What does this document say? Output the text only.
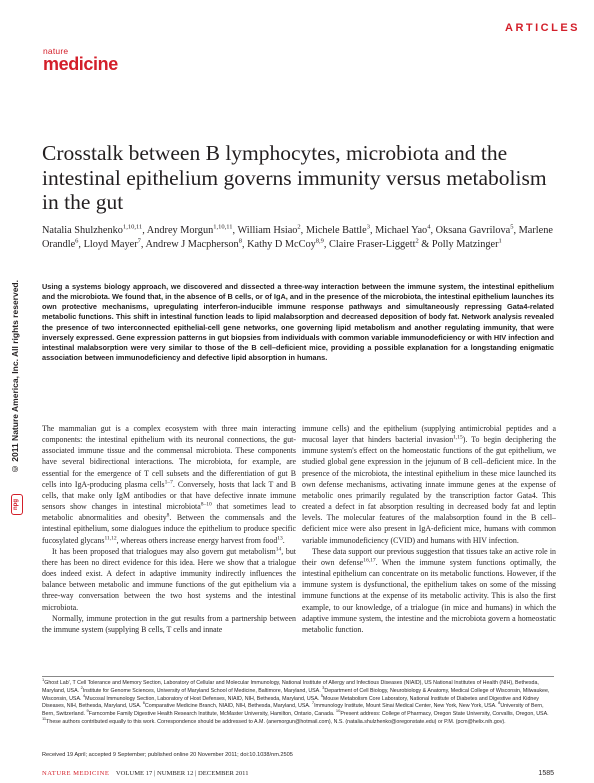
ARTICLES
nature
medicine
Crosstalk between B lymphocytes, microbiota and the intestinal epithelium governs immunity versus metabolism in the gut
Natalia Shulzhenko$^{1,10,11}$, Andrey Morgun$^{1,10,11}$, William Hsiao$^2$, Michele Battle$^3$, Michael Yao$^4$, Oksana Gavrilova$^5$, Marlene Orandle$^6$, Lloyd Mayer$^7$, Andrew J Macpherson$^8$, Kathy D McCoy$^{8,9}$, Claire Fraser-Liggett$^2$ & Polly Matzinger$^1$
© 2011 Nature America, Inc. All rights reserved.
npg
Using a systems biology approach, we discovered and dissected a three-way interaction between the immune system, the intestinal epithelium and the microbiota. We found that, in the absence of B cells, or of IgA, and in the presence of the microbiota, the intestinal epithelium launches its own protective mechanisms, upregulating interferon-inducible immune response pathways and simultaneously repressing Gata4-related metabolic functions. This shift in intestinal function leads to lipid malabsorption and decreased deposition of body fat. Network analysis revealed the presence of two interconnected epithelial-cell gene networks, one governing lipid metabolism and another regulating immunity, that were inversely expressed. Gene expression patterns in gut biopsies from individuals with common variable immunodeficiency or with HIV infection and intestinal malabsorption were very similar to those of the B cell–deficient mice, providing a possible explanation for a longstanding enigmatic association between immunodeficiency and defective lipid absorption in humans.

The mammalian gut is a complex ecosystem with three main interacting components: the intestinal epithelium with its neuronal connections, the gut-associated immune tissue and the commensal microbiota. These components have several bidirectional interactions. The microbiota, for example, are essential for the emergence of T cell subsets and the differentiation of gut B cells into IgA-producing plasma cells$^{1-7}$. Conversely, hosts that lack T and B cells, that make only IgM antibodies or that have defective innate immune sensors show changes in intestinal microbiota$^{8-10}$ that sometimes lead to metabolic abnormalities and obesity$^8$. Between the commensals and the intestinal epithelium, some dialogues induce the epithelium to produce specific fucosylated glycans$^{11,12}$, whereas others increase energy harvest from food$^{13}$.

It has been proposed that trialogues may also govern gut metabolism$^{14}$, but there has been no direct evidence for this idea. Here we show that a trialogue does indeed exist. A defect in adaptive immunity indirectly influences the balance between metabolic and immune functions of the gut epithelium via a three-way conversation between the two host systems and the intestinal microbiota.

Normally, immune protection in the gut results from a partnership between the immune system (supplying B cells, T cells and innate

immune cells) and the epithelium (supplying antimicrobial peptides and a mucosal layer that hinders bacterial invasion$^{1,15}$). To begin deciphering the immune system's effect on the homeostatic functions of the gut epithelium, we studied global gene expression in the jejunum of B cell–deficient mice. In the presence of the microbiota, the intestinal epithelium in these mice launched its own defense mechanisms, activating innate immune genes at the expense of metabolic ones primarily regulated by the transcription factor Gata4. This created a defect in fat absorption resulting in decreased body fat and leptin levels. The molecular features of the malabsorption found in the B cell–deficient mice were also present in IgA-deficient mice, humans with common variable immunodeficiency (CVID) and humans with HIV infection.

These data support our previous suggestion that tissues take an active role in their own defense$^{16,17}$. When the immune system functions optimally, the intestinal epithelium can concentrate on its metabolic functions. However, if the immune system is dysfunctional, the epithelium takes on some of the missing immune functions at the expense of its metabolic activity. This is also the first example, to our knowledge, of a trialogue (in mice and humans) in which the adaptive immune system, the intestine and the microbiota govern a homeostatic metabolic function.

$^1$Ghost Lab', T Cell Tolerance and Memory Section, Laboratory of Cellular and Molecular Immunology, National Institute of Allergy and Infectious Diseases (NIAID), US National Institutes of Health (NIH), Bethesda, Maryland, USA. $^2$Institute for Genome Sciences, University of Maryland School of Medicine, Baltimore, Maryland, USA. $^3$Department of Cell Biology, Neurobiology & Anatomy, Medical College of Wisconsin, Milwaukee, Wisconsin, USA. $^4$Mucosal Immunology Section, Laboratory of Host Defenses, NIAID, NIH, Bethesda, Maryland, USA. $^5$Mouse Metabolism Core Laboratory, National Institute of Diabetes and Digestive and Kidney Diseases, NIH, Bethesda, Maryland, USA. $^6$Comparative Medicine Branch, NIAID, NIH, Bethesda, Maryland, USA. $^7$Immunology Institute, Mount Sinai Medical Center, New York, New York, USA. $^8$University of Bern, Bern, Switzerland. $^9$Farncombe Family Digestive Health Research Institute, McMaster University, Hamilton, Ontario, Canada. $^{10}$Present address: College of Pharmacy, Oregon State University, Corvallis, Oregon, USA. $^{11}$These authors contributed equally to this work. Correspondence should be addressed to A.M. (anemorgun@hotmail.com), N.S. (natalia.shulzhenko@oregonstate.edu) or P.M. (pcm@helix.nih.gov).
Received 19 April; accepted 9 September; published online 20 November 2011; doi:10.1038/nm.2505
NATURE MEDICINE VOLUME 17 | NUMBER 12 | DECEMBER 2011	1585
